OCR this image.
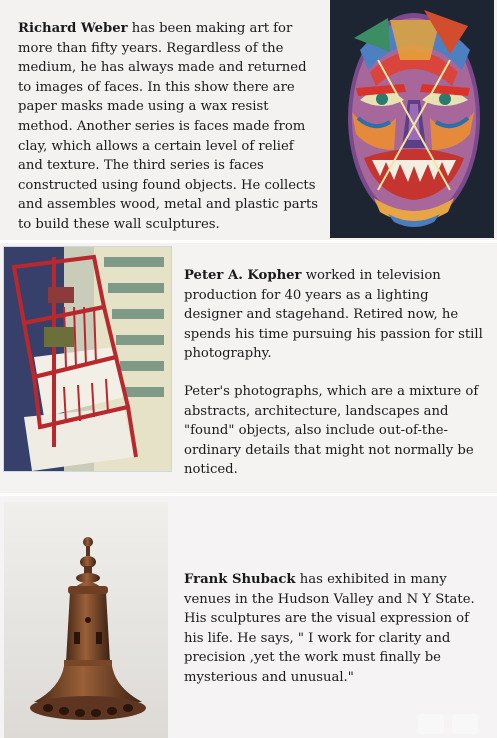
Richard Weber has been making art for more than fifty years. Regardless of the medium, he has always made and returned to images of faces. In this show there are paper masks made using a wax resist method. Another series is faces made from clay, which allows a certain level of relief and texture. The third series is faces constructed using found objects. He collects and assembles wood, metal and plastic parts to build these wall sculptures.

Peter A. Kopher worked in television production for 40 years as a lighting designer and stagehand. Retired now, he spends his time pursuing his passion for still photography.

Peter's photographs, which are a mixture of abstracts, architecture, landscapes and "found" objects, also include out-of-the-ordinary details that might not normally be noticed.

Frank Shuback has exhibited in many venues in the Hudson Valley and N Y State. His sculptures are the visual expression of his life. He says, " I work for clarity and precision ,yet the work must finally be mysterious and unusual."
